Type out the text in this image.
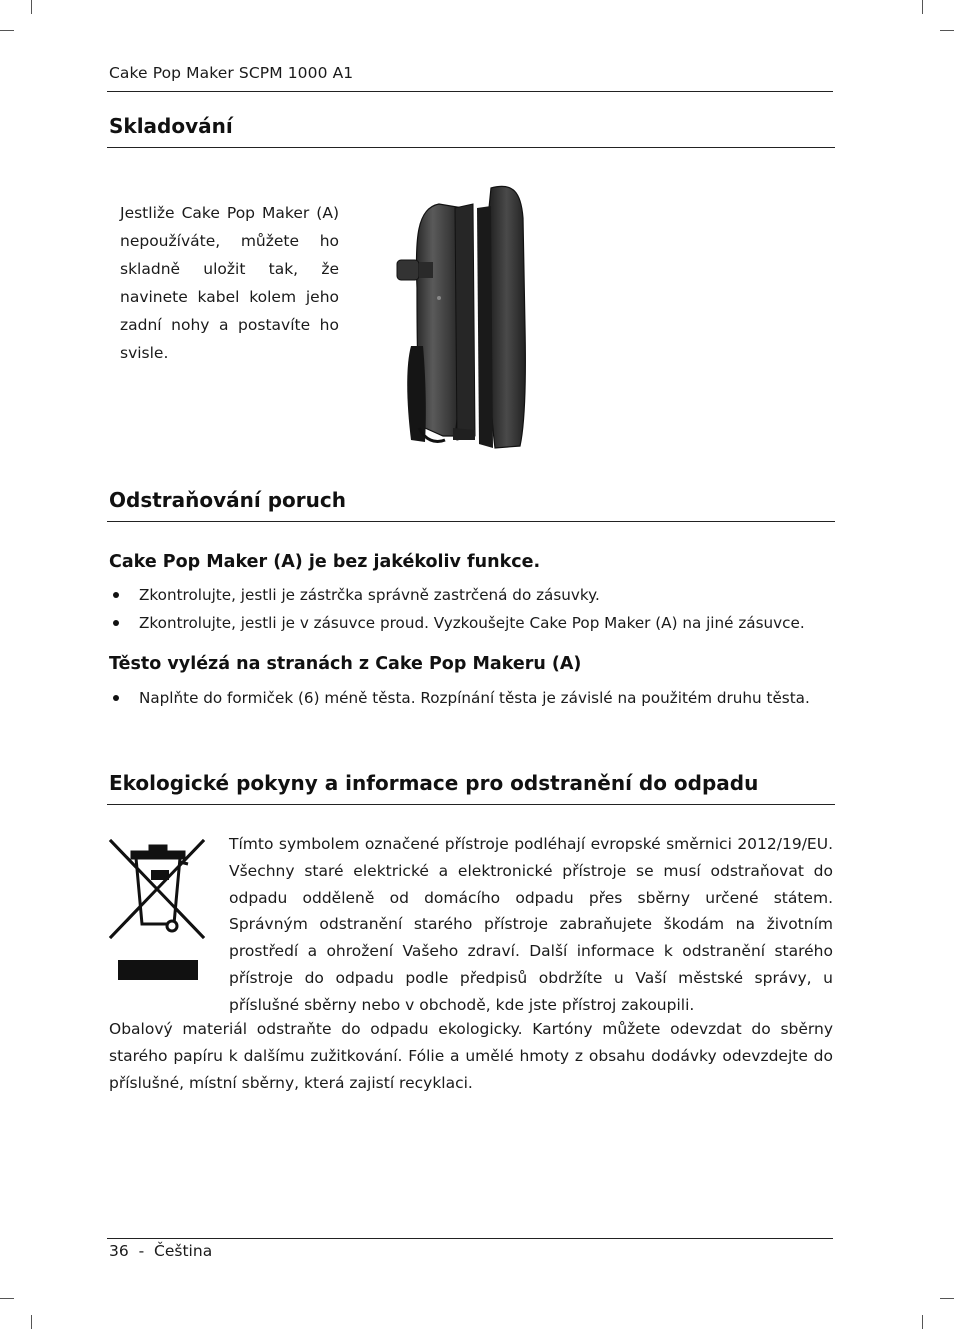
Cake Pop Maker SCPM 1000 A1
Skladování

Jestliže Cake Pop Maker (A) nepoužíváte, můžete ho skladně uložit tak, že navinete kabel kolem jeho zadní nohy a postavíte ho svisle.

Odstraňování poruch
Cake Pop Maker (A) je bez jakékoliv funkce.
Zkontrolujte, jestli je zástrčka správně zastrčená do zásuvky.
Zkontrolujte, jestli je v zásuvce proud. Vyzkoušejte Cake Pop Maker (A) na jiné zásuvce.
Těsto vylézá na stranách z Cake Pop Makeru (A)
Naplňte do formiček (6) méně těsta. Rozpínání těsta je závislé na použitém druhu těsta.
Ekologické pokyny a informace pro odstranění do odpadu

Tímto symbolem označené přístroje podléhají evropské směrnici 2012/19/EU. Všechny staré elektrické a elektronické přístroje se musí odstraňovat do odpadu odděleně od domácího odpadu přes sběrny určené státem. Správným odstranění starého přístroje zabraňujete škodám na životním prostředí a ohrožení Vašeho zdraví. Další informace k odstranění starého přístroje do odpadu podle předpisů obdržíte u Vaší městské správy, u příslušné sběrny nebo v obchodě, kde jste přístroj zakoupili.

Obalový materiál odstraňte do odpadu ekologicky. Kartóny můžete odevzdat do sběrny starého papíru k dalšímu zužitkování. Fólie a umělé hmoty z obsahu dodávky odevzdejte do příslušné, místní sběrny, která zajistí recyklaci.

36 - Čeština
